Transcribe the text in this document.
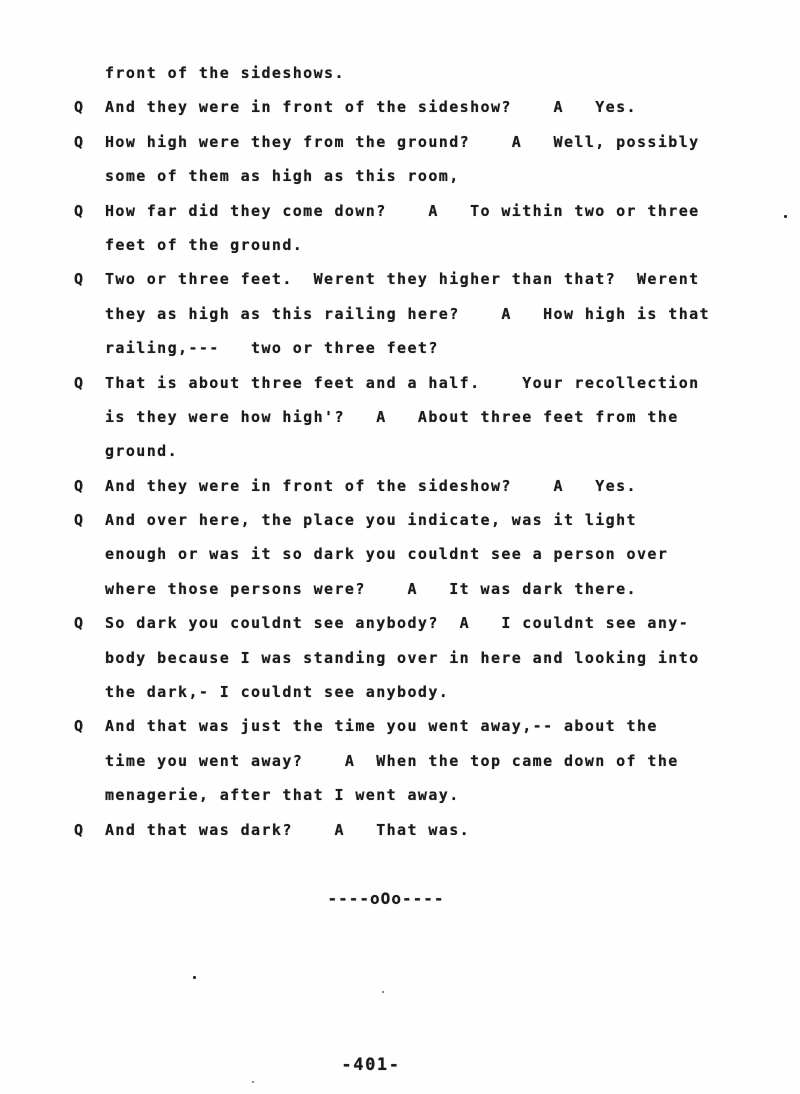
front of the sideshows.
Q And they were in front of the sideshow?    A   Yes.
Q How high were they from the ground?    A   Well, possibly
some of them as high as this room,
Q How far did they come down?    A   To within two or three
feet of the ground.
Q Two or three feet.  Werent they higher than that?  Werent
they as high as this railing here?    A   How high is that
railing,---   two or three feet?
Q That is about three feet and a half.    Your recollection
is they were how high'?   A   About three feet from the
ground.
Q And they were in front of the sideshow?    A   Yes.
Q And over here, the place you indicate, was it light
enough or was it so dark you couldnt see a person over
where those persons were?    A   It was dark there.
Q So dark you couldnt see anybody?  A   I couldnt see any-
body because I was standing over in here and looking into
the dark,- I couldnt see anybody.
Q And that was just the time you went away,-- about the
time you went away?    A  When the top came down of the
menagerie, after that I went away.
Q And that was dark?    A   That was.
----oOo----
-401-
